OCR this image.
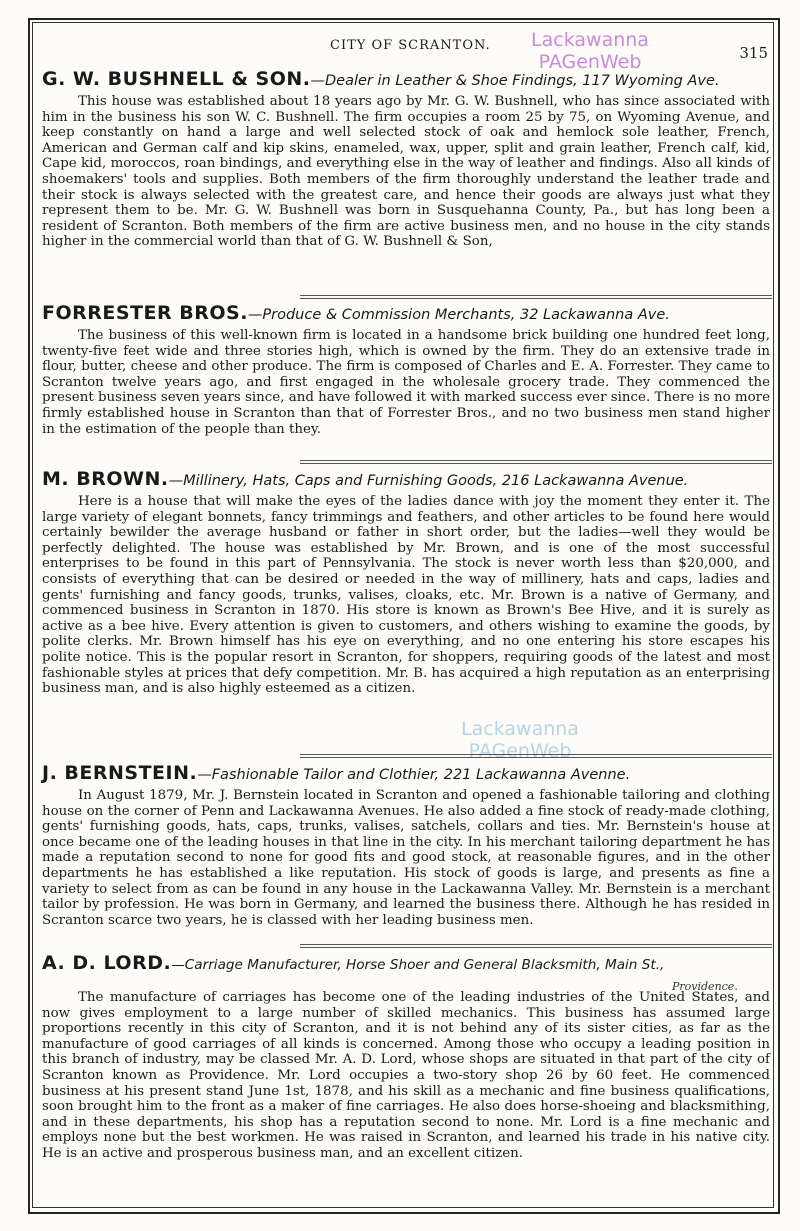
CITY OF SCRANTON.	315
Lackawanna
PAGenWeb
G. W. BUSHNELL & SON.—Dealer in Leather & Shoe Findings, 117 Wyoming Ave.

This house was established about 18 years ago by Mr. G. W. Bushnell, who has since associated with him in the business his son W. C. Bushnell. The firm occupies a room 25 by 75, on Wyoming Avenue, and keep constantly on hand a large and well selected stock of oak and hemlock sole leather, French, American and German calf and kip skins, enameled, wax, upper, split and grain leather, French calf, kid, Cape kid, moroccos, roan bindings, and everything else in the way of leather and findings. Also all kinds of shoemakers' tools and supplies. Both members of the firm thoroughly understand the leather trade and their stock is always selected with the greatest care, and hence their goods are always just what they represent them to be. Mr. G. W. Bushnell was born in Susquehanna County, Pa., but has long been a resident of Scranton. Both members of the firm are active business men, and no house in the city stands higher in the commercial world than that of G. W. Bushnell & Son,

FORRESTER BROS.—Produce & Commission Merchants, 32 Lackawanna Ave.

The business of this well-known firm is located in a handsome brick building one hundred feet long, twenty-five feet wide and three stories high, which is owned by the firm. They do an extensive trade in flour, butter, cheese and other produce. The firm is composed of Charles and E. A. Forrester. They came to Scranton twelve years ago, and first engaged in the wholesale grocery trade. They commenced the present business seven years since, and have followed it with marked success ever since. There is no more firmly established house in Scranton than that of Forrester Bros., and no two business men stand higher in the estimation of the people than they.

M. BROWN.—Millinery, Hats, Caps and Furnishing Goods, 216 Lackawanna Avenue.

Here is a house that will make the eyes of the ladies dance with joy the moment they enter it. The large variety of elegant bonnets, fancy trimmings and feathers, and other articles to be found here would certainly bewilder the average husband or father in short order, but the ladies—well they would be perfectly delighted. The house was established by Mr. Brown, and is one of the most successful enterprises to be found in this part of Pennsylvania. The stock is never worth less than $20,000, and consists of everything that can be desired or needed in the way of millinery, hats and caps, ladies and gents' furnishing and fancy goods, trunks, valises, cloaks, etc. Mr. Brown is a native of Germany, and commenced business in Scranton in 1870. His store is known as Brown's Bee Hive, and it is surely as active as a bee hive. Every attention is given to customers, and others wishing to examine the goods, by polite clerks. Mr. Brown himself has his eye on everything, and no one entering his store escapes his polite notice. This is the popular resort in Scranton, for shoppers, requiring goods of the latest and most fashionable styles at prices that defy competition. Mr. B. has acquired a high reputation as an enterprising business man, and is also highly esteemed as a citizen.

Lackawanna
PAGenWeb
J. BERNSTEIN.—Fashionable Tailor and Clothier, 221 Lackawanna Avenne.

In August 1879, Mr. J. Bernstein located in Scranton and opened a fashionable tailoring and clothing house on the corner of Penn and Lackawanna Avenues. He also added a fine stock of ready-made clothing, gents' furnishing goods, hats, caps, trunks, valises, satchels, collars and ties. Mr. Bernstein's house at once became one of the leading houses in that line in the city. In his merchant tailoring department he has made a reputation second to none for good fits and good stock, at reasonable figures, and in the other departments he has established a like reputation. His stock of goods is large, and presents as fine a variety to select from as can be found in any house in the Lackawanna Valley. Mr. Bernstein is a merchant tailor by profession. He was born in Germany, and learned the business there. Although he has resided in Scranton scarce two years, he is classed with her leading business men.

A. D. LORD.—Carriage Manufacturer, Horse Shoer and General Blacksmith, Main St.,

The manufacture of carriages has become one of the leading industries of the United States, and now gives employment to a large number of skilled mechanics. This business has assumed large proportions recently in this city of Scranton, and it is not behind any of its sister cities, as far as the manufacture of good carriages of all kinds is concerned. Among those who occupy a leading position in this branch of industry, may be classed Mr. A. D. Lord, whose shops are situated in that part of the city of Scranton known as Providence. Mr. Lord occupies a two-story shop 26 by 60 feet. He commenced business at his present stand June 1st, 1878, and his skill as a mechanic and fine business qualifications, soon brought him to the front as a maker of fine carriages. He also does horse-shoeing and blacksmithing, and in these departments, his shop has a reputation second to none. Mr. Lord is a fine mechanic and employs none but the best workmen. He was raised in Scranton, and learned his trade in his native city. He is an active and prosperous business man, and an excellent citizen.

Providence.
